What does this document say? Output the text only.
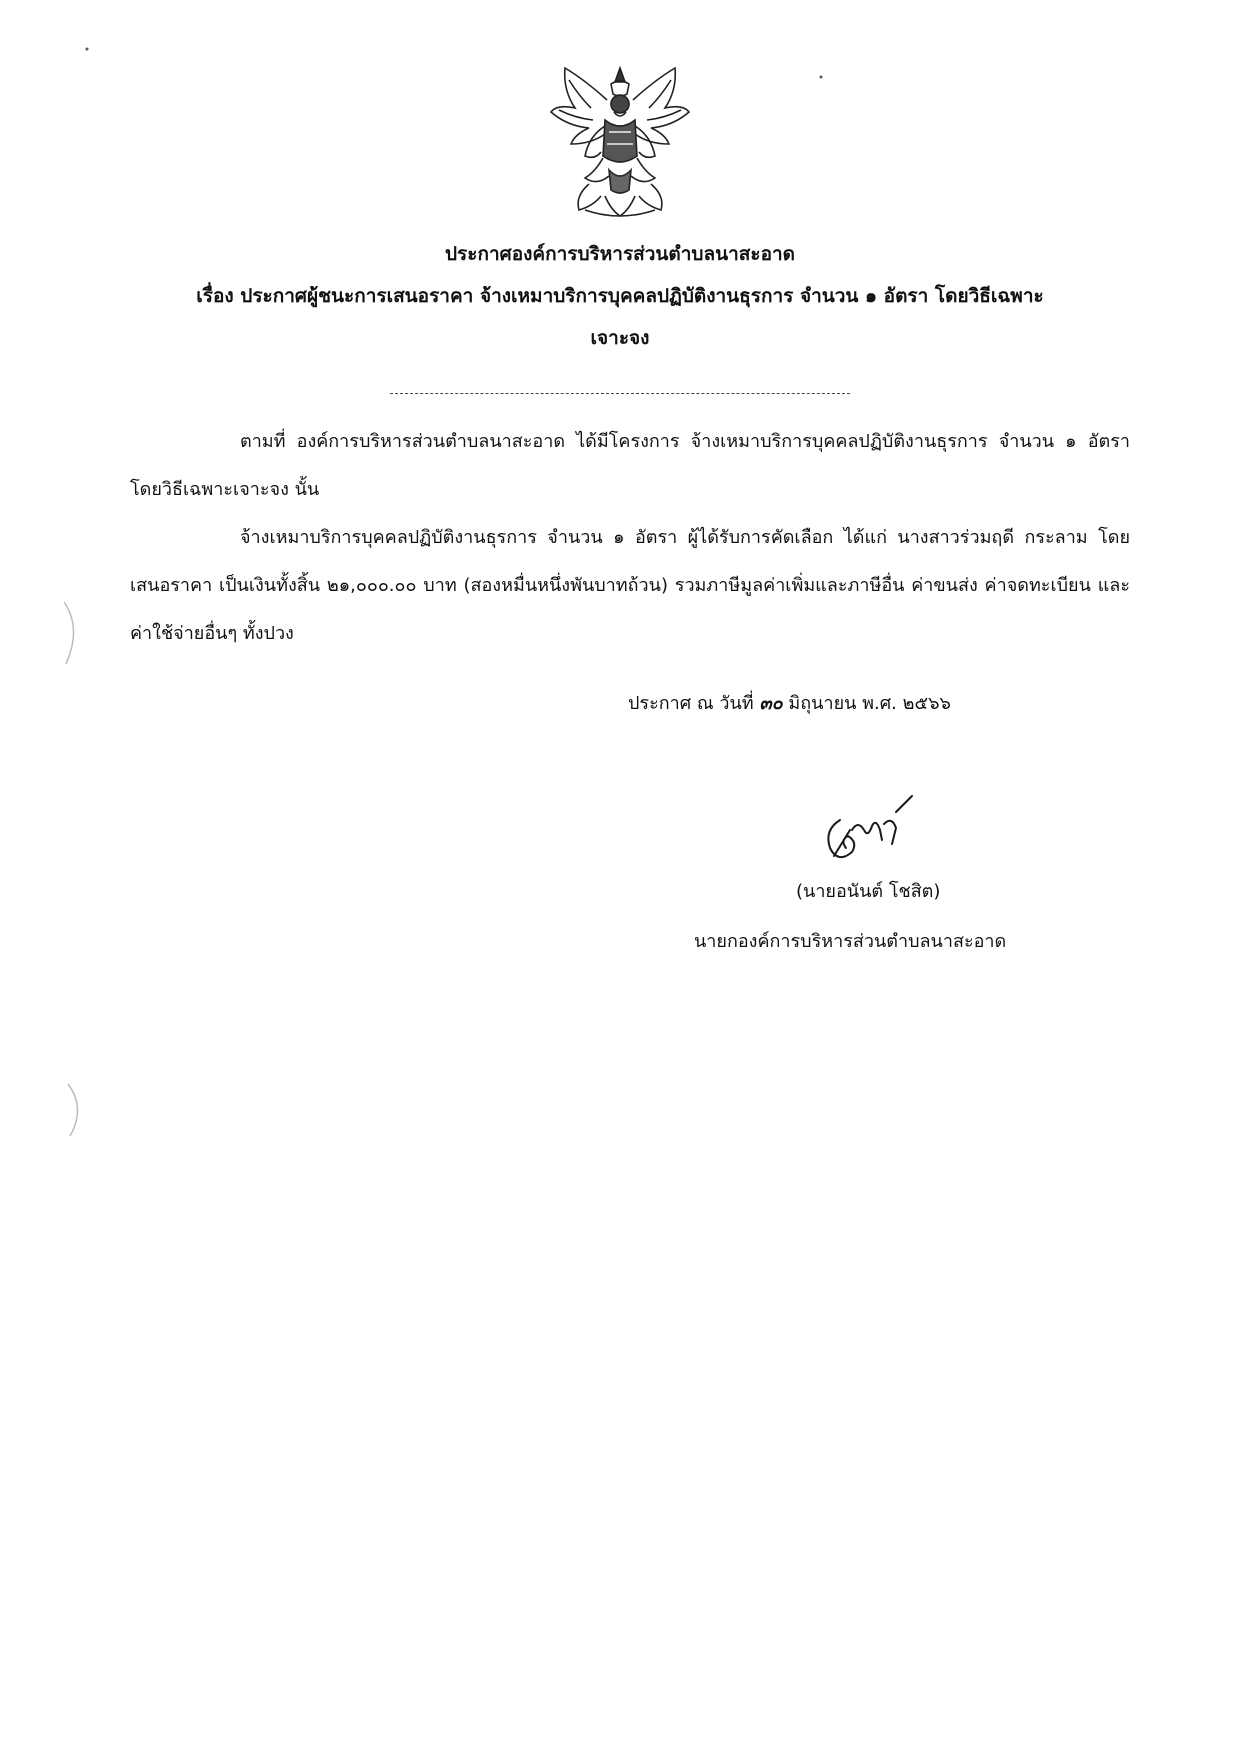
ประกาศองค์การบริหารส่วนตำบลนาสะอาด

เรื่อง ประกาศผู้ชนะการเสนอราคา จ้างเหมาบริการบุคคลปฏิบัติงานธุรการ จำนวน ๑ อัตรา โดยวิธีเฉพาะ

เจาะจง

ตามที่ องค์การบริหารส่วนตำบลนาสะอาด ได้มีโครงการ จ้างเหมาบริการบุคคลปฏิบัติงานธุรการ จำนวน ๑ อัตรา โดยวิธีเฉพาะเจาะจง นั้น

จ้างเหมาบริการบุคคลปฏิบัติงานธุรการ จำนวน ๑ อัตรา ผู้ได้รับการคัดเลือก ได้แก่ นางสาวร่วมฤดี กระลาม โดยเสนอราคา เป็นเงินทั้งสิ้น ๒๑,๐๐๐.๐๐ บาท (สองหมื่นหนึ่งพันบาทถ้วน) รวมภาษีมูลค่าเพิ่มและภาษีอื่น ค่าขนส่ง ค่าจดทะเบียน และค่าใช้จ่ายอื่นๆ ทั้งปวง

ประกาศ ณ วันที่ ๓๐ มิถุนายน พ.ศ. ๒๕๖๖
(นายอนันต์ โชสิต)
นายกองค์การบริหารส่วนตำบลนาสะอาด
